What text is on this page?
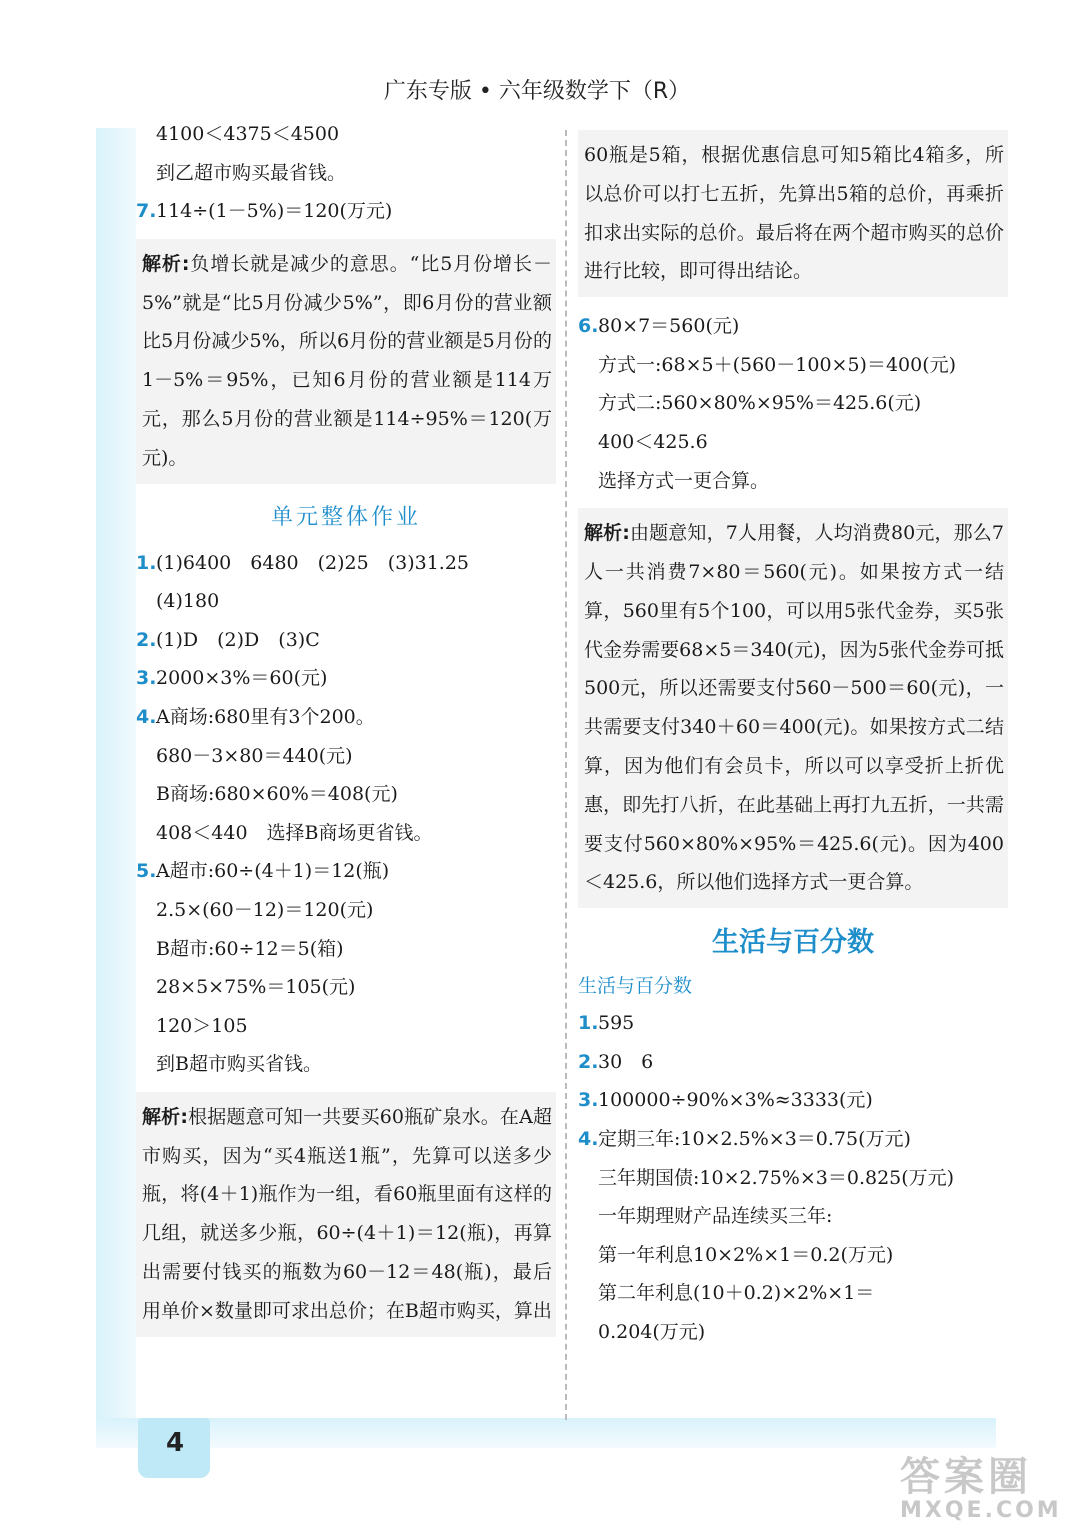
广东专版 • 六年级数学下（R）
4
4100＜4375＜4500
到乙超市购买最省钱。
7. 114÷(1－5%)＝120(万元)
解析:负增长就是减少的意思。“比5月份增长－5%”就是“比5月份减少5%”，即6月份的营业额比5月份减少5%，所以6月份的营业额是5月份的1－5%＝95%，已知6月份的营业额是114万元，那么5月份的营业额是114÷95%＝120(万元)。
单元整体作业
1. (1)6400　6480　(2)25　(3)31.25
(4)180
2. (1)D　(2)D　(3)C
3. 2000×3%＝60(元)
4. A商场:680里有3个200。
680－3×80＝440(元)
B商场:680×60%＝408(元)
408＜440　选择B商场更省钱。
5. A超市:60÷(4＋1)＝12(瓶)
2.5×(60－12)＝120(元)
B超市:60÷12＝5(箱)
28×5×75%＝105(元)
120＞105
到B超市购买省钱。
解析:根据题意可知一共要买60瓶矿泉水。在A超市购买，因为“买4瓶送1瓶”，先算可以送多少瓶，将(4＋1)瓶作为一组，看60瓶里面有这样的几组，就送多少瓶，60÷(4＋1)＝12(瓶)，再算出需要付钱买的瓶数为60－12＝48(瓶)，最后用单价×数量即可求出总价；在B超市购买，算出
60瓶是5箱，根据优惠信息可知5箱比4箱多，所以总价可以打七五折，先算出5箱的总价，再乘折扣求出实际的总价。最后将在两个超市购买的总价进行比较，即可得出结论。
6. 80×7＝560(元)
方式一:68×5＋(560－100×5)＝400(元)
方式二:560×80%×95%＝425.6(元)
400＜425.6
选择方式一更合算。
解析:由题意知，7人用餐，人均消费80元，那么7人一共消费7×80＝560(元)。如果按方式一结算，560里有5个100，可以用5张代金券，买5张代金券需要68×5＝340(元)，因为5张代金券可抵500元，所以还需要支付560－500＝60(元)，一共需要支付340＋60＝400(元)。如果按方式二结算，因为他们有会员卡，所以可以享受折上折优惠，即先打八折，在此基础上再打九五折，一共需要支付560×80%×95%＝425.6(元)。因为400＜425.6，所以他们选择方式一更合算。
生活与百分数
生活与百分数
1. 595
2. 30　6
3. 100000÷90%×3%≈3333(元)
4. 定期三年:10×2.5%×3＝0.75(万元)
三年期国债:10×2.75%×3＝0.825(万元)
一年期理财产品连续买三年:
第一年利息10×2%×1＝0.2(万元)
第二年利息(10＋0.2)×2%×1＝
0.204(万元)
答案圈
MXQE.COM
